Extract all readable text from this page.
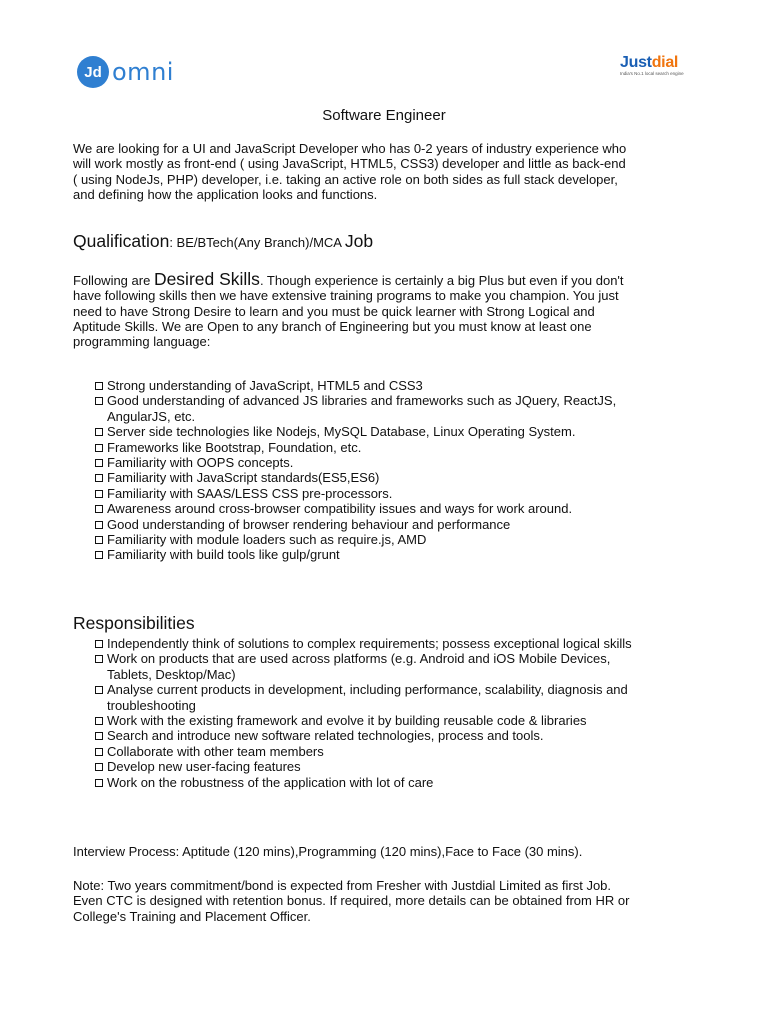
Jd omni	Justdial
India's No.1 local search engine
Software Engineer
We are looking for a UI and JavaScript Developer who has 0-2 years of industry experience who will work mostly as front-end ( using JavaScript, HTML5, CSS3) developer and little as back-end ( using NodeJs, PHP) developer, i.e. taking an active role on both sides as full stack developer, and defining how the application looks and functions.
Qualification: BE/BTech(Any Branch)/MCA Job
Following are Desired Skills. Though experience is certainly a big Plus but even if you don't have following skills then we have extensive training programs to make you champion. You just need to have Strong Desire to learn and you must be quick learner with Strong Logical and Aptitude Skills. We are Open to any branch of Engineering but you must know at least one programming language:
Strong understanding of JavaScript, HTML5 and CSS3
Good understanding of advanced JS libraries and frameworks such as JQuery, ReactJS, AngularJS, etc.
Server side technologies like Nodejs, MySQL Database, Linux Operating System.
Frameworks like Bootstrap, Foundation, etc.
Familiarity with OOPS concepts.
Familiarity with JavaScript standards(ES5,ES6)
Familiarity with SAAS/LESS CSS pre-processors.
Awareness around cross-browser compatibility issues and ways for work around.
Good understanding of browser rendering behaviour and performance
Familiarity with module loaders such as require.js, AMD
Familiarity with build tools like gulp/grunt
Responsibilities
Independently think of solutions to complex requirements; possess exceptional logical skills
Work on products that are used across platforms (e.g. Android and iOS Mobile Devices, Tablets, Desktop/Mac)
Analyse current products in development, including performance, scalability, diagnosis and troubleshooting
Work with the existing framework and evolve it by building reusable code & libraries
Search and introduce new software related technologies, process and tools.
Collaborate with other team members
Develop new user-facing features
Work on the robustness of the application with lot of care
Interview Process: Aptitude (120 mins),Programming (120 mins),Face to Face (30 mins).
Note: Two years commitment/bond is expected from Fresher with Justdial Limited as first Job. Even CTC is designed with retention bonus. If required, more details can be obtained from HR or College's Training and Placement Officer.
